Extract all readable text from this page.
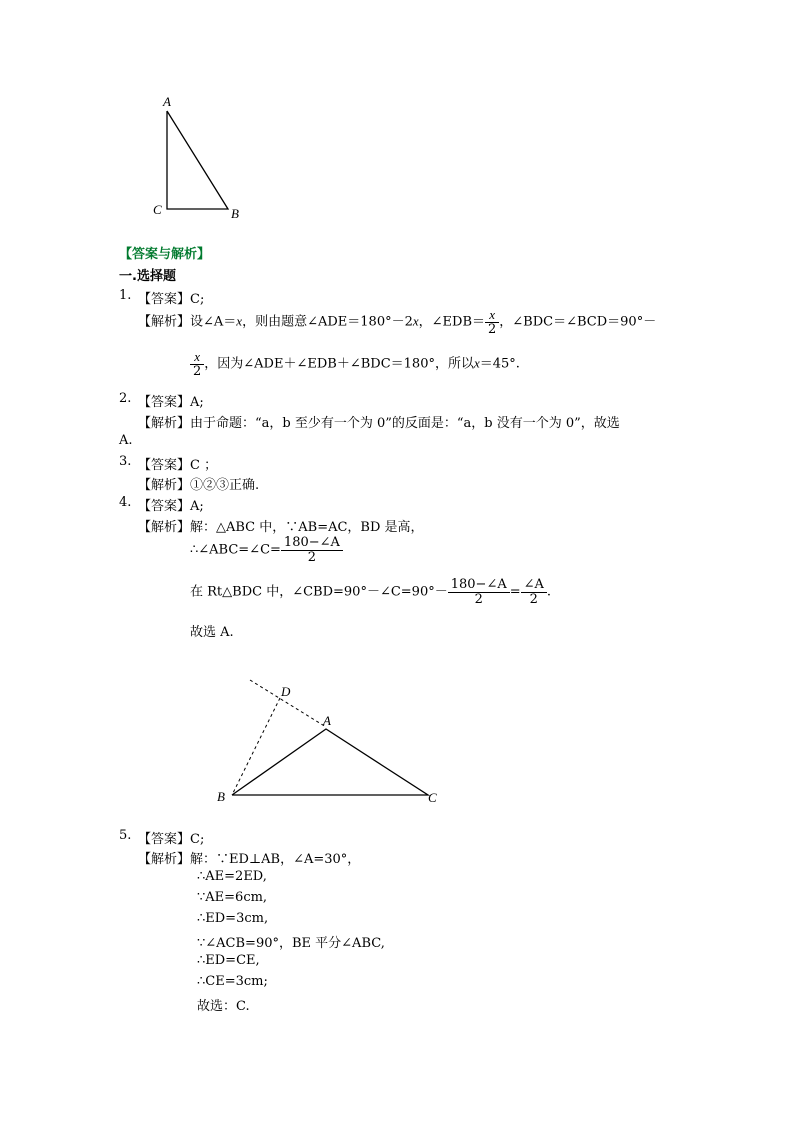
A
C	B
【答案与解析】
一.选择题
1. 【答案】C;
【解析】设∠A＝x，则由题意∠ADE＝180°－2x，∠EDB＝ $\frac{x}{2}$ ，∠BDC＝∠BCD＝90°－
$\frac{x}{2}$ ，因为∠ADE＋∠EDB＋∠BDC＝180°，所以x＝45°.
2. 【答案】A;
【解析】由于命题：“a，b 至少有一个为 0”的反面是：“a，b 没有一个为 0”，故选
A.
3. 【答案】C ；
【解析】①②③正确.
4. 【答案】A;
【解析】解：△ABC 中，∵AB=AC，BD 是高，
∴∠ABC=∠C= $\frac{180-\angle A}{2}$
在 Rt△BDC 中，∠CBD=90°－∠C=90°－ $\frac{180-\angle A}{2} = \frac{\angle A}{2}$ .
故选 A.
D
A
B	C
5. 【答案】C;
【解析】解：∵ED⊥AB，∠A=30°，
∴AE=2ED,
∵AE=6cm,
∴ED=3cm,
∵∠ACB=90°，BE 平分∠ABC,
∴ED=CE,
∴CE=3cm;
故选：C.
